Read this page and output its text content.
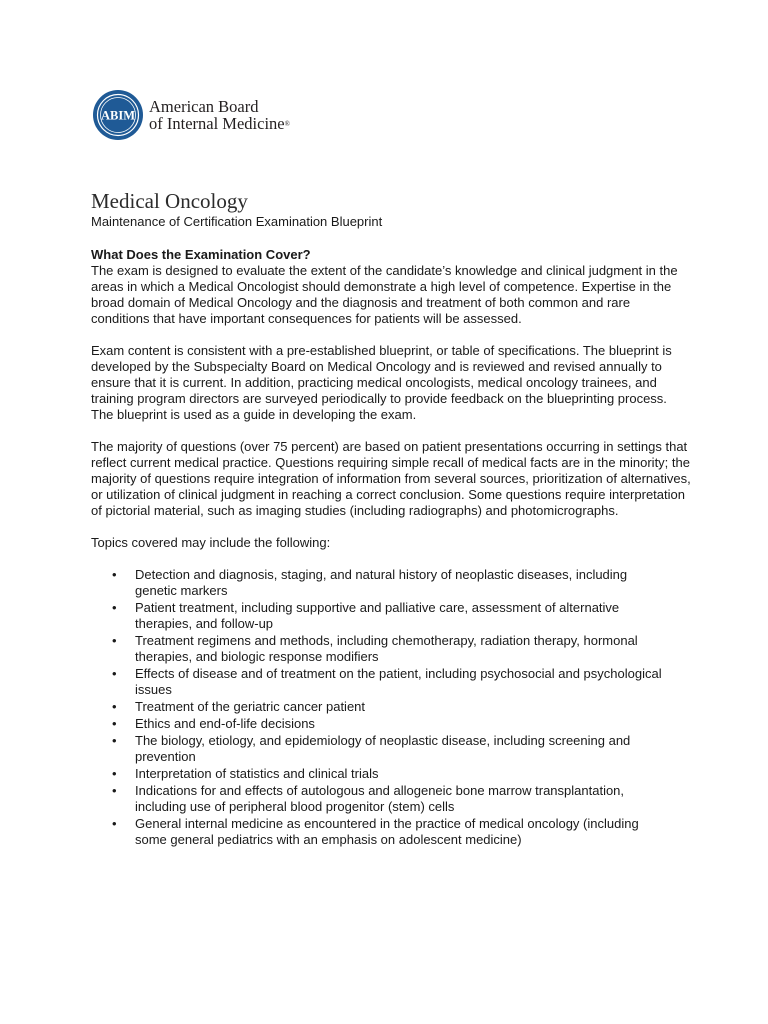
ABIM American Board
of Internal Medicine®
Medical Oncology
Maintenance of Certification Examination Blueprint
What Does the Examination Cover?

The exam is designed to evaluate the extent of the candidate’s knowledge and clinical judgment in the areas in which a Medical Oncologist should demonstrate a high level of competence. Expertise in the broad domain of Medical Oncology and the diagnosis and treatment of both common and rare conditions that have important consequences for patients will be assessed.

Exam content is consistent with a pre-established blueprint, or table of specifications. The blueprint is developed by the Subspecialty Board on Medical Oncology and is reviewed and revised annually to ensure that it is current. In addition, practicing medical oncologists, medical oncology trainees, and training program directors are surveyed periodically to provide feedback on the blueprinting process. The blueprint is used as a guide in developing the exam.

The majority of questions (over 75 percent) are based on patient presentations occurring in settings that reflect current medical practice. Questions requiring simple recall of medical facts are in the minority; the majority of questions require integration of information from several sources, prioritization of alternatives, or utilization of clinical judgment in reaching a correct conclusion. Some questions require interpretation of pictorial material, such as imaging studies (including radiographs) and photomicrographs.

Topics covered may include the following:

• Detection and diagnosis, staging, and natural history of neoplastic diseases, including genetic markers
• Patient treatment, including supportive and palliative care, assessment of alternative therapies, and follow-up
• Treatment regimens and methods, including chemotherapy, radiation therapy, hormonal therapies, and biologic response modifiers
• Effects of disease and of treatment on the patient, including psychosocial and psychological issues
• Treatment of the geriatric cancer patient
• Ethics and end-of-life decisions
• The biology, etiology, and epidemiology of neoplastic disease, including screening and prevention
• Interpretation of statistics and clinical trials
• Indications for and effects of autologous and allogeneic bone marrow transplantation, including use of peripheral blood progenitor (stem) cells
• General internal medicine as encountered in the practice of medical oncology (including some general pediatrics with an emphasis on adolescent medicine)
